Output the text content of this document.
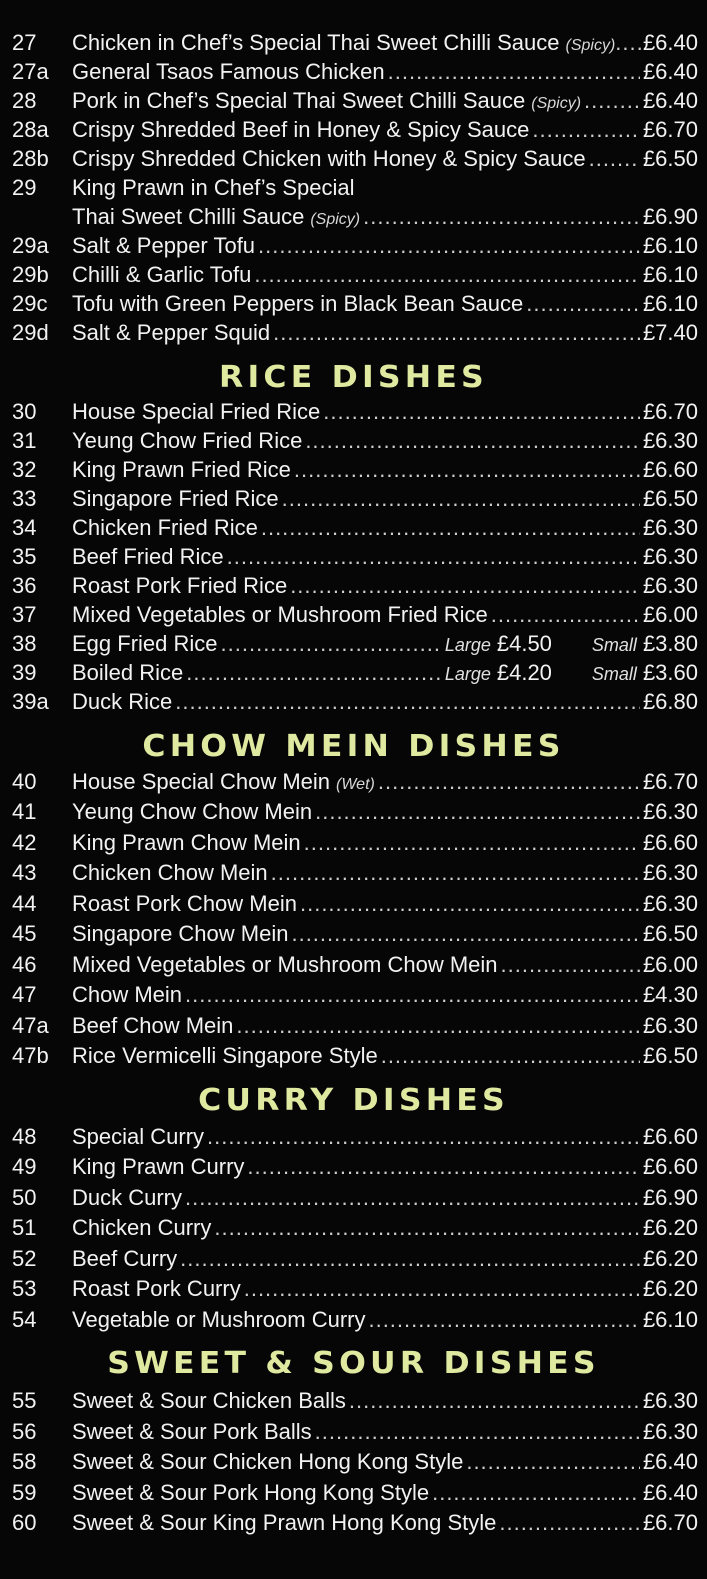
27	Chicken in Chef’s Special Thai Sweet Chilli Sauce (Spicy) ..... £6.40
27a	General Tsaos Famous Chicken .....	£6.40
28	Pork in Chef’s Special Thai Sweet Chilli Sauce (Spicy) .....	£6.40
28a	Crispy Shredded Beef in Honey & Spicy Sauce .....	£6.70
28b	Crispy Shredded Chicken with Honey & Spicy Sauce .....	£6.50
29	King Prawn in Chef’s Special
Thai Sweet Chilli Sauce (Spicy) .....	£6.90
29a	Salt & Pepper Tofu .....	£6.10
29b	Chilli & Garlic Tofu .....	£6.10
29c	Tofu with Green Peppers in Black Bean Sauce .....	£6.10
29d	Salt & Pepper Squid .....	£7.40
RICE DISHES
30	House Special Fried Rice .....	£6.70
31	Yeung Chow Fried Rice .....	£6.30
32	King Prawn Fried Rice .....	£6.60
33	Singapore Fried Rice .....	£6.50
34	Chicken Fried Rice .....	£6.30
35	Beef Fried Rice .....	£6.30
36	Roast Pork Fried Rice .....	£6.30
37	Mixed Vegetables or Mushroom Fried Rice .....	£6.00
38	Egg Fried Rice .....	Large £4.50 Small £3.80
39	Boiled Rice .....	Large £4.20 Small £3.60
39a	Duck Rice .....	£6.80
CHOW MEIN DISHES
40	House Special Chow Mein (Wet) .....	£6.70
41	Yeung Chow Chow Mein .....	£6.30
42	King Prawn Chow Mein .....	£6.60
43	Chicken Chow Mein .....	£6.30
44	Roast Pork Chow Mein .....	£6.30
45	Singapore Chow Mein .....	£6.50
46	Mixed Vegetables or Mushroom Chow Mein .....	£6.00
47	Chow Mein .....	£4.30
47a	Beef Chow Mein .....	£6.30
47b	Rice Vermicelli Singapore Style .....	£6.50
CURRY DISHES
48	Special Curry .....	£6.60
49	King Prawn Curry .....	£6.60
50	Duck Curry .....	£6.90
51	Chicken Curry .....	£6.20
52	Beef Curry .....	£6.20
53	Roast Pork Curry .....	£6.20
54	Vegetable or Mushroom Curry .....	£6.10
SWEET & SOUR DISHES
55	Sweet & Sour Chicken Balls .....	£6.30
56	Sweet & Sour Pork Balls .....	£6.30
58	Sweet & Sour Chicken Hong Kong Style .....	£6.40
59	Sweet & Sour Pork Hong Kong Style .....	£6.40
60	Sweet & Sour King Prawn Hong Kong Style .....	£6.70
